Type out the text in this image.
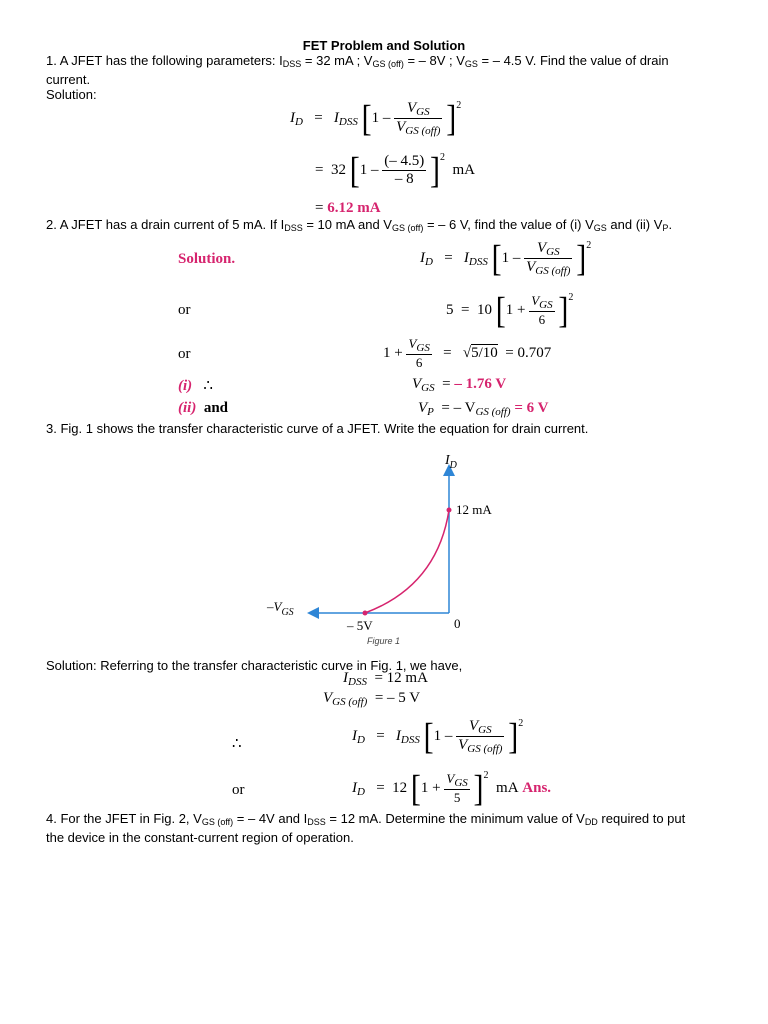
FET Problem and Solution
1. A JFET has the following parameters: $I_{DSS} = 32$ mA ; $V_{GS (off)}$ = – 8V ; $V_{GS}$ = – 4.5 V. Find the value of drain
current.
Solution:
$I_D = I_{DSS}$ $[1 - \frac{V_{GS}}{V_{GS (off)}} ]^2$
= 32 $[1 - \frac{(- 4.5)}{- 8} ]^2$  mA
= 6.12 mA
2. A JFET has a drain current of 5 mA. If $I_{DSS} = 10$ mA and $V_{GS (off)}$ = – 6 V, find the value of (i) $V_{GS}$ and (ii) $V_P$.
Solution.	$I_D = I_{DSS}$ $[1 - \frac{V_{GS}}{V_{GS (off)}} ]^2$
or	5 = 10 $[1 + \frac{V_{GS}}{6} ]^2$
or	$1 + \frac{V_{GS}}{6} = √5/10 = 0.707$
(i) ∴	$V_{GS}$ = – 1.76 V
(ii) and	$V_P$ = – $V_{GS (off)} = 6$ V
3. Fig. 1 shows the transfer characteristic curve of a JFET. Write the equation for drain current.
$I_D$
12 mA
$-V_{GS}$
– 5V	0
Figure 1
Solution: Referring to the transfer characteristic curve in Fig. 1, we have,
$I_{DSS} = 12$ mA
$V_{GS (off)}$ = – 5 V
∴	$I_D = I_{DSS}$ $[1 - \frac{V_{GS}}{V_{GS (off)}} ]^2$
or	$I_D = 12$ $[1 + \frac{V_{GS}}{5} ]^2$  mA Ans.
4. For the JFET in Fig. 2, $V_{GS (off)}$ = – 4V and $I_{DSS} = 12$ mA. Determine the minimum value of $V_{DD}$ required to put
the device in the constant-current region of operation.
